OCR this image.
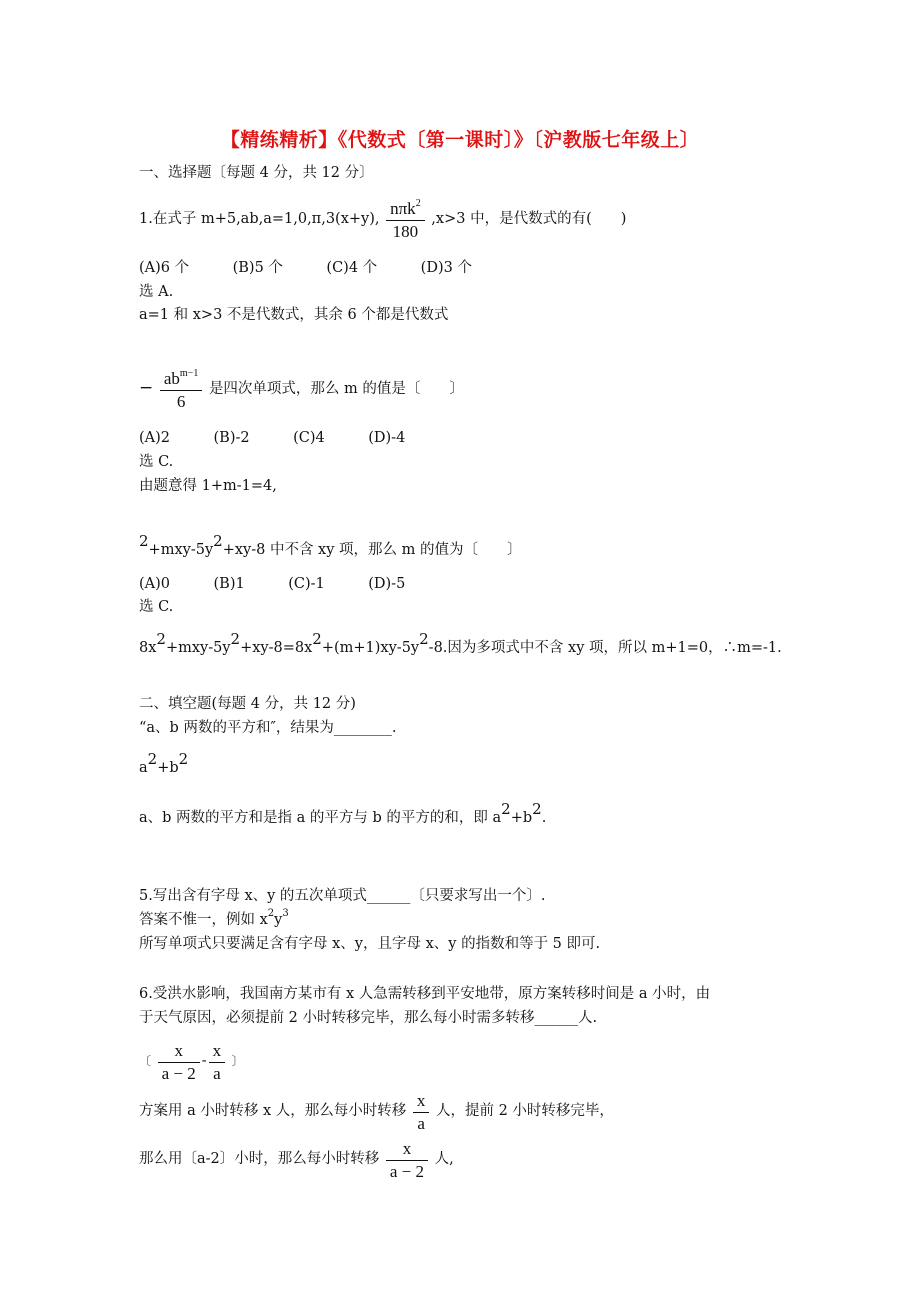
【精练精析】《代数式〔第一课时〕》〔沪教版七年级上〕
一、选择题〔每题 4 分，共 12 分〕
1.在式子 m+5,ab,a=1,0,π,3(x+y), $\frac{n\pi k^2}{180} ,x>3$ 中，是代数式的有(　　)
(A)6 个　　　(B)5 个　　　(C)4 个　　　(D)3 个
选 A.
a=1 和 x>3 不是代数式，其余 6 个都是代数式
− $\frac{ab^{m-1}}{6}$ 是四次单项式，那么 m 的值是〔　　〕
(A)2　　　(B)-2　　　(C)4　　　(D)-4
选 C.
由题意得 1+m-1=4,
$^2+mxy-5y^2+xy-8$ 中不含 xy 项，那么 m 的值为〔　　〕
(A)0　　　(B)1　　　(C)-1　　　(D)-5
选 C.
$8x^2+mxy-5y^2+xy-8=8x^2+(m+1)xy-5y^2-8$.因为多项式中不含 xy 项，所以 m+1=0，∴m=-1.
二、填空题(每题 4 分，共 12 分)
“a、b 两数的平方和″，结果为________.
$a^2+b^2$
a、b 两数的平方和是指 a 的平方与 b 的平方的和，即 $a^2+b^2$.
5.写出含有字母 x、y 的五次单项式______〔只要求写出一个〕.
答案不惟一，例如 $x^2y^3$
所写单项式只要满足含有字母 x、y，且字母 x、y 的指数和等于 5 即可.
6.受洪水影响，我国南方某市有 x 人急需转移到平安地带，原方案转移时间是 a 小时，由
于天气原因，必须提前 2 小时转移完毕，那么每小时需多转移______人.
〔 $\frac{x}{a - 2} - \frac{x}{a}$ 〕
方案用 a 小时转移 x 人，那么每小时转移 $\frac{x}{a}$ 人，提前 2 小时转移完毕，
那么用〔a-2〕小时，那么每小时转移 $\frac{x}{a - 2}$ 人,
